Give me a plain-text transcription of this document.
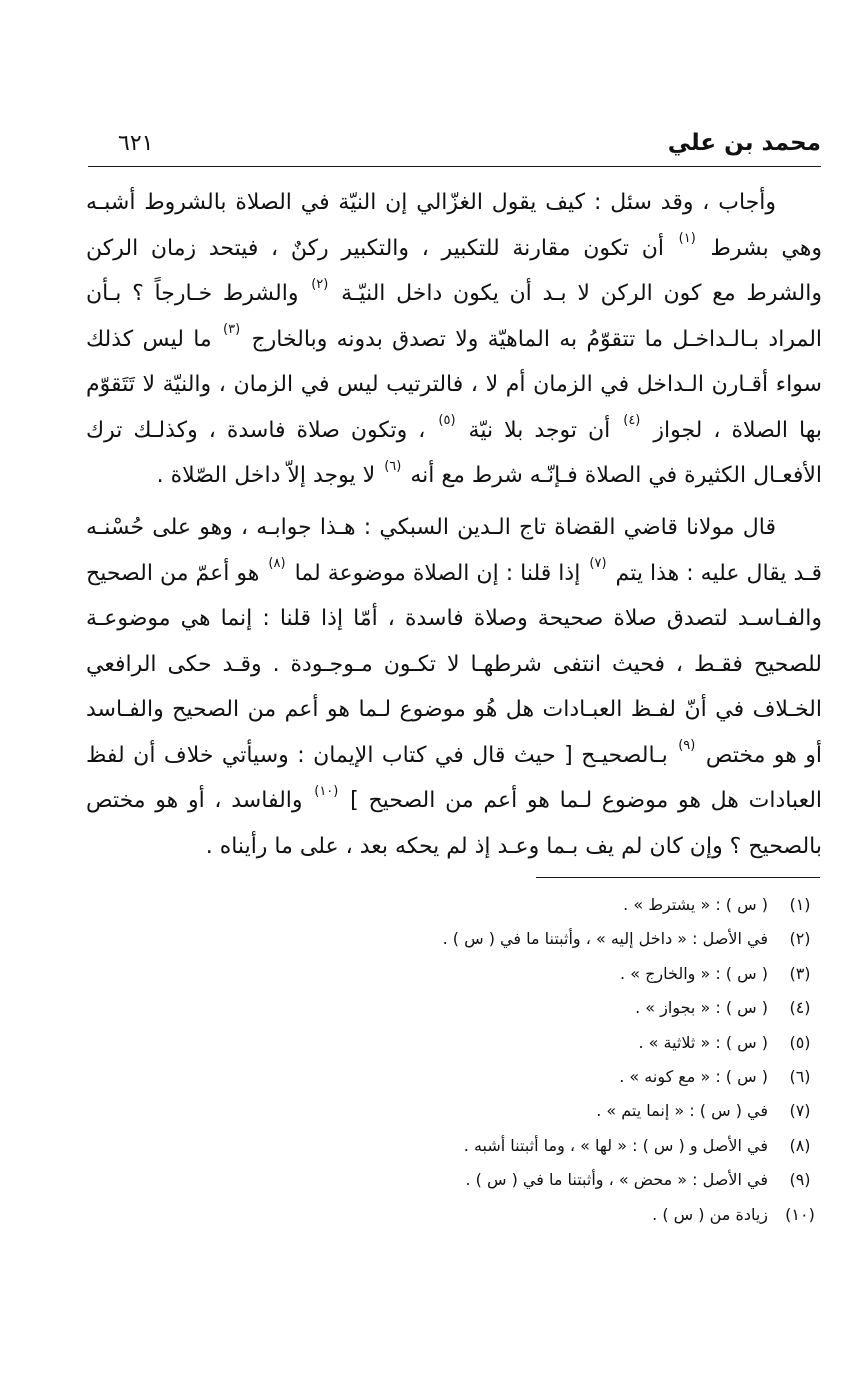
محمد بن علي
٦٢١
وأجاب ، وقد سئل : كيف يقول الغزّالي إن النيّة في الصلاة بالشروط أشبـه وهي بشرط $^{(١)}$ أن تكون مقارنة للتكبير ، والتكبير ركنٌ ، فيتحد زمان الركن والشرط مع كون الركن لا بـد أن يكون داخل النيّـة $^{(٢)}$ والشرط خـارجاً ؟ بـأن المراد بـالـداخـل ما تتقوّمُ به الماهيّة ولا تصدق بدونه وبالخارج $^{(٣)}$ ما ليس كذلك سواء أقـارن الـداخل في الزمان أم لا ، فالترتيب ليس في الزمان ، والنيّة لا تَتَقوّم بها الصلاة ، لجواز $^{(٤)}$ أن توجد بلا نيّة $^{(٥)}$ ، وتكون صلاة فاسدة ، وكذلـك ترك الأفعـال الكثيرة في الصلاة فـإنّـه شرط مع أنه $^{(٦)}$ لا يوجد إلاّ داخل الصّلاة .
قال مولانا قاضي القضاة تاج الـدين السبكي : هـذا جوابـه ، وهو على حُسْنـه قـد يقال عليه : هذا يتم $^{(٧)}$ إذا قلنا : إن الصلاة موضوعة لما $^{(٨)}$ هو أعمّ من الصحيح والفـاسـد لتصدق صلاة صحيحة وصلاة فاسدة ، أمّا إذا قلنا : إنما هي موضوعـة للصحيح فقـط ، فحيث انتفى شرطهـا لا تكـون مـوجـودة . وقـد حكى الرافعي الخـلاف في أنّ لفـظ العبـادات هل هُو موضوع لـما هو أعم من الصحيح والفـاسد أو هو مختص $^{(٩)}$ بـالصحيـح [ حيث قال في كتاب الإيمان : وسيأتي خلاف أن لفظ العبادات هل هو موضوع لـما هو أعم من الصحيح ] $^{(١٠)}$ والفاسد ، أو هو مختص بالصحيح ؟ وإن كان لم يف بـما وعـد إذ لم يحكه بعد ، على ما رأيناه .
(١)( س ) : « يشترط » .
(٢)في الأصل : « داخل إليه » ، وأثبتنا ما في ( س ) .
(٣)( س ) : « والخارج » .
(٤)( س ) : « بجواز » .
(٥)( س ) : « ثلاثية » .
(٦)( س ) : « مع كونه » .
(٧)في ( س ) : « إنما يتم » .
(٨)في الأصل و ( س ) : « لها » ، وما أثبتنا أشبه .
(٩)في الأصل : « محض » ، وأثبتنا ما في ( س ) .
(١٠)زيادة من ( س ) .
